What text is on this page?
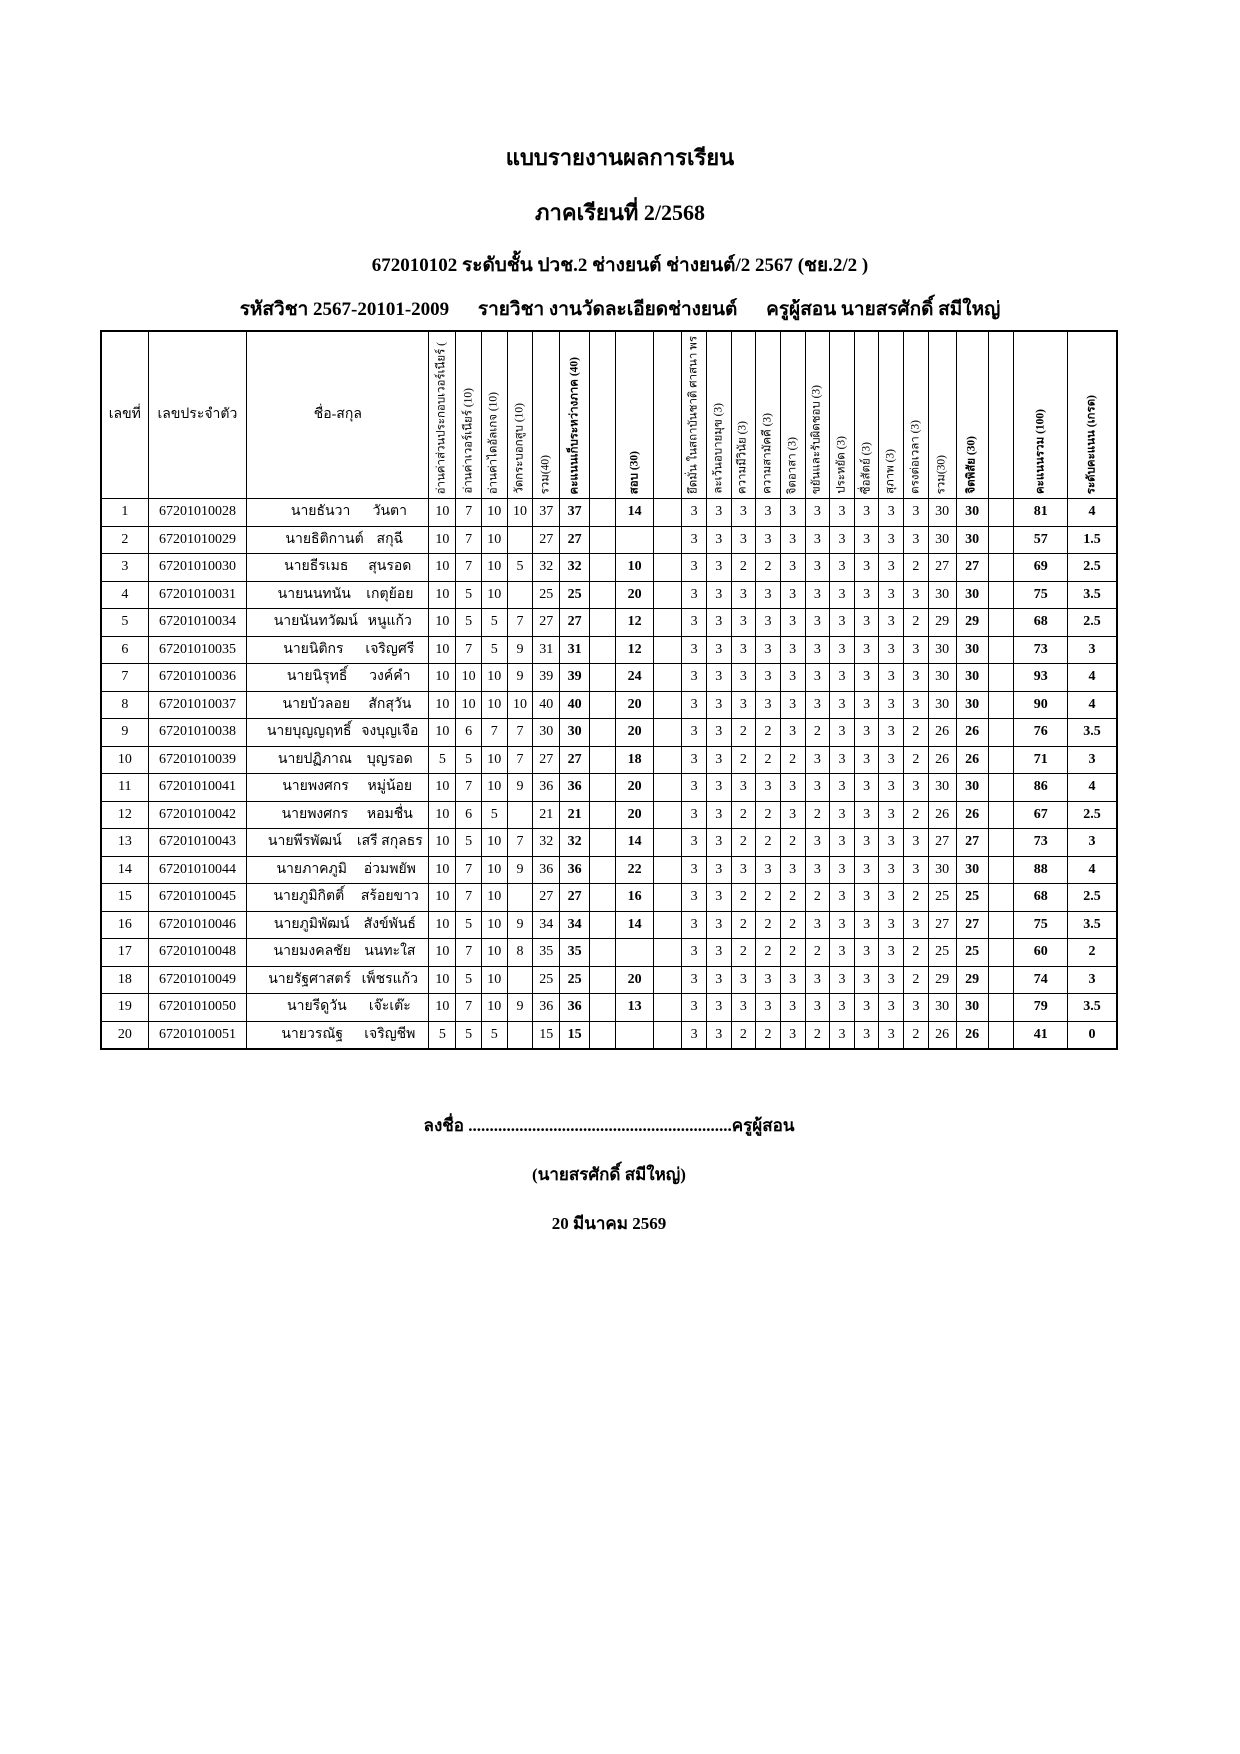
แบบรายงานผลการเรียน

ภาคเรียนที่ 2/2568

672010102 ระดับชั้น ปวช.2 ช่างยนต์ ช่างยนต์/2 2567 (ชย.2/2 )

รหัสวิชา 2567-20101-2009 รายวิชา งานวัดละเอียดช่างยนต์ ครูผู้สอน นายสรศักดิ์ สมีใหญ่

เลขที่	เลขประจำตัว	ชื่อ-สกุล	อ่านค่าส่วนประกอบเวอร์เนียร์ (	อ่านค่าเวอร์เนียร์ (10)	อ่านค่าไดอัลเกจ (10)	วัดกระบอกสูบ (10)	รวม(40)	คะแนนเก็บระหว่างภาค (40)		สอบ (30)		ยึดมั่น ในสถาบันชาติ ศาสนา พร	ละเว้นอบายมุข (3)	ความมีวินัย (3)	ความสามัคคี (3)	จิตอาสา (3)	ขยันและรับผิดชอบ (3)	ประหยัด (3)	ซื่อสัตย์ (3)	สุภาพ (3)	ตรงต่อเวลา (3)	รวม(30)	จิตพิสัย (30)		คะแนนรวม (100)	ระดับคะแนน (เกรด)

1	67201010028	นายธันวา วันตา	10	7	10	10	37	37		14		3	3	3	3	3	3	3	3	3	3	30	30		81	4
2	67201010029	นายธิติกานต์ สกุฉี	10	7	10		27	27				3	3	3	3	3	3	3	3	3	3	30	30		57	1.5
3	67201010030	นายธีรเมธ สุนรอด	10	7	10	5	32	32		10		3	3	2	2	3	3	3	3	3	2	27	27		69	2.5
4	67201010031	นายนนทนัน เกตุย้อย	10	5	10		25	25		20		3	3	3	3	3	3	3	3	3	3	30	30		75	3.5
5	67201010034	นายนันทวัฒน์ หนูแก้ว	10	5	5	7	27	27		12		3	3	3	3	3	3	3	3	3	2	29	29		68	2.5
6	67201010035	นายนิติกร เจริญศรี	10	7	5	9	31	31		12		3	3	3	3	3	3	3	3	3	3	30	30		73	3
7	67201010036	นายนิรุทธิ์ วงค์คำ	10	10	10	9	39	39		24		3	3	3	3	3	3	3	3	3	3	30	30		93	4
8	67201010037	นายบัวลอย สักสุวัน	10	10	10	10	40	40		20		3	3	3	3	3	3	3	3	3	3	30	30		90	4
9	67201010038	นายบุญญฤทธิ์ จงบุญเจือ	10	6	7	7	30	30		20		3	3	2	2	3	2	3	3	3	2	26	26		76	3.5
10	67201010039	นายปฏิภาณ บุญรอด	5	5	10	7	27	27		18		3	3	2	2	2	3	3	3	3	2	26	26		71	3
11	67201010041	นายพงศกร หมู่น้อย	10	7	10	9	36	36		20		3	3	3	3	3	3	3	3	3	3	30	30		86	4
12	67201010042	นายพงศกร หอมชื่น	10	6	5		21	21		20		3	3	2	2	3	2	3	3	3	2	26	26		67	2.5
13	67201010043	นายพีรพัฒน์ เสรี สกุลธร	10	5	10	7	32	32		14		3	3	2	2	2	3	3	3	3	3	27	27		73	3
14	67201010044	นายภาคภูมิ อ่วมพยัพ	10	7	10	9	36	36		22		3	3	3	3	3	3	3	3	3	3	30	30		88	4
15	67201010045	นายภูมิกิตติ์ สร้อยขาว	10	7	10		27	27		16		3	3	2	2	2	2	3	3	3	2	25	25		68	2.5
16	67201010046	นายภูมิพัฒน์ สังข์พันธ์	10	5	10	9	34	34		14		3	3	2	2	2	3	3	3	3	3	27	27		75	3.5
17	67201010048	นายมงคลชัย นนทะใส	10	7	10	8	35	35				3	3	2	2	2	2	3	3	3	2	25	25		60	2
18	67201010049	นายรัฐศาสตร์ เพ็ชรแก้ว	10	5	10		25	25		20		3	3	3	3	3	3	3	3	3	2	29	29		74	3
19	67201010050	นายรีดูวัน เจ๊ะเต๊ะ	10	7	10	9	36	36		13		3	3	3	3	3	3	3	3	3	3	30	30		79	3.5
20	67201010051	นายวรณัฐ เจริญชีพ	5	5	5		15	15				3	3	2	2	3	2	3	3	3	2	26	26		41	0

ลงชื่อ ..............................................................ครูผู้สอน

(นายสรศักดิ์ สมีใหญ่)

20 มีนาคม 2569
